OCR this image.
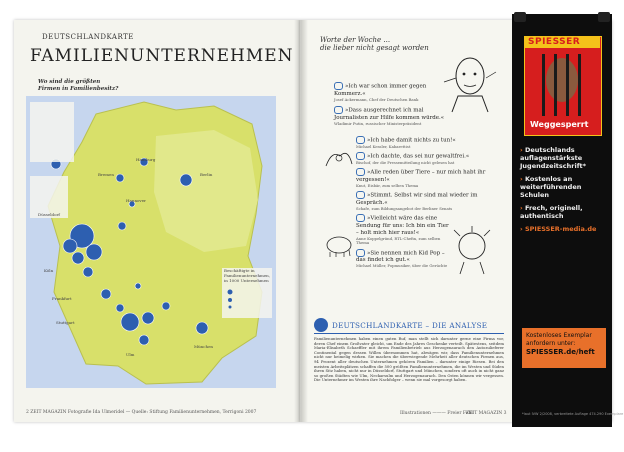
DEUTSCHLANDKARTE
FAMILIENUNTERNEHMEN
Wo sind die größten
Firmen in Familienbesitz?
Hamburg
Bremen
Hannover
Berlin
Düsseldorf
Köln
Frankfurt
Stuttgart
München
Ulm
Beschäftigte in Familienunternehmen, in 1000 Unternehmen
2 ZEIT MAGAZIN Fotografie Ida Ulmeridel — Quelle: Stiftung Familienunternehmen, Terrigoni 2007
Worte der Woche ...
die lieber nicht gesagt worden
»Ich war schon immer gegen Kommerz.«
Josef Ackermann, Chef der Deutschen Bank
»Dass ausgerechnet ich mal Journalisten zur Hilfe kommen würde.«
Wladimir Putin, russischer Ministerpräsident
»Ich habe damit nichts zu tun!«
Michael Kessler, Kabarettist
»Ich dachte, das sei nur gewaltfrei.«
Bischof, der die Pressemitteilung nicht gelesen hat
»Alle reden über Tiere – nur mich habt ihr vergessen!«
Knut, Eisbär, zum selben Thema
»Stimmt. Selbst wir sind mal wieder im Gespräch.«
Schafe, zum Bildungsangebot der Berliner Senats
»Vielleicht wäre das eine Sendung für uns: Ich bin ein Tier – holt mich hier raus!«
Anne Koppelgründ, RTL-Chefin, zum selben Thema
»Sie nennen mich Kid Pop – das findet ich gut.«
Michael Müller, Popmusiker, über die Gerüchte
DEUTSCHLANDKARTE – DIE ANALYSE
Familienunternehmen haben einen guten Ruf, man stellt sich darunter gerne eine Firma vor, deren Chef einem Großvater gleicht, um Ende des Jahres Geschenke verteilt. Spätestens, seitdem Maria-Elisabeth Schaeffler mit ihrem Familienbetrieb aus Herzogenaurach den Autozulieferer Continental gegen dessen Willen übernommen hat, abwägen wir, dass Familienunternehmen nicht nur heimelig wirken. Sie machen die überwiegende Mehrheit aller deutschen Firmen aus, 94 Prozent aller deutschen Unternehmen gehören Familien – darunter einige Riesen. Bei den meisten Arbeitsplätzen schaffen die 500 größten Familienunternehmen, die im Westen und Süden ihren Sitz haben, nicht nur in Düsseldorf, Stuttgart und München, sondern oft auch in nicht ganz so großen Städten wie Ulm, Neckarsulm und Herzogenaurach. Den Osten können wir vergessen. Die Unternehmer im Westen ihre Nachfolger – wenn sie mal vorgesorgt haben.
Illustrationen ——— Freier Fehl
ZEIT MAGAZIN 3
SPIESSER
Weggesperrt
› Deutschlands auflagenstärkste Jugendzeitschrift*
› Kostenlos an weiterführenden Schulen
› Frech, originell, authentisch
› SPIESSER-media.de
Kostenloses Exemplar
anfordern unter:
SPIESSER.de/heft
*laut IVW 2/2008, verbreitete Auflage 474.290 Exemplare
